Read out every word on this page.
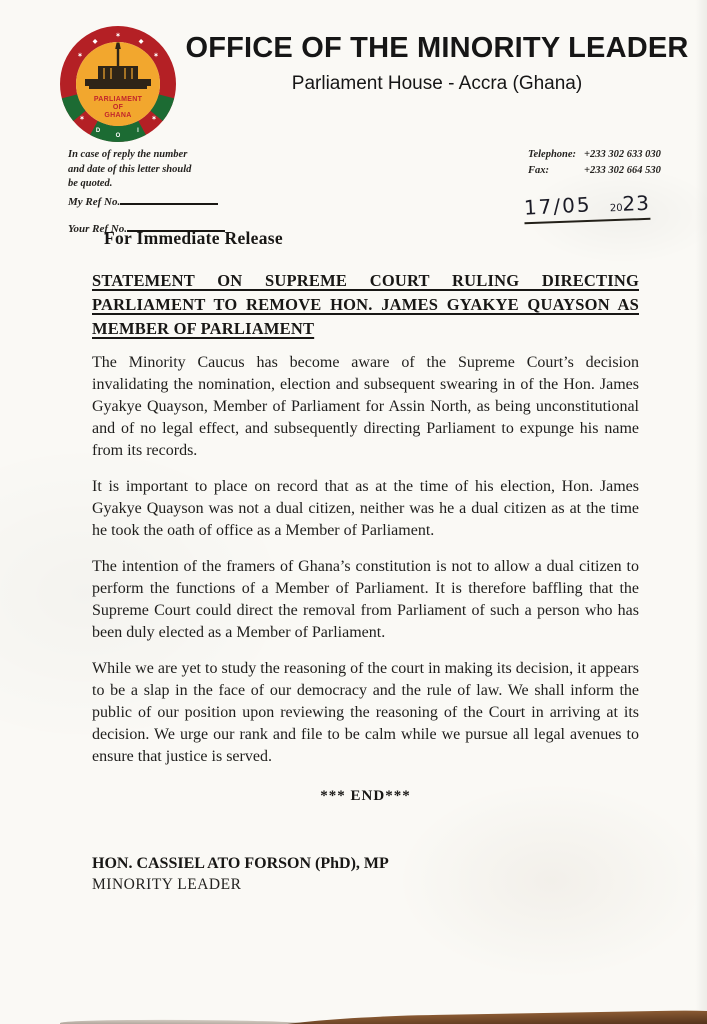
✶
◆	◆
✶	✶
O
D	I
✶	✶
PARLIAMENT
OF
GHANA
OFFICE OF THE MINORITY LEADER
Parliament House - Accra (Ghana)
In case of reply the number
and date of this letter should
be quoted.
Telephone: +233 302 633 030
Fax:	+233 302 664 530
My Ref No.
Your Ref No.
17/05 2023
For Immediate Release
STATEMENT ON SUPREME COURT RULING DIRECTING
PARLIAMENT TO REMOVE HON. JAMES GYAKYE QUAYSON AS
MEMBER OF PARLIAMENT

The Minority Caucus has become aware of the Supreme Court’s decision invalidating the nomination, election and subsequent swearing in of the Hon. James Gyakye Quayson, Member of Parliament for Assin North, as being unconstitutional and of no legal effect, and subsequently directing Parliament to expunge his name from its records.

It is important to place on record that as at the time of his election, Hon. James Gyakye Quayson was not a dual citizen, neither was he a dual citizen as at the time he took the oath of office as a Member of Parliament.

The intention of the framers of Ghana’s constitution is not to allow a dual citizen to perform the functions of a Member of Parliament. It is therefore baffling that the Supreme Court could direct the removal from Parliament of such a person who has been duly elected as a Member of Parliament.

While we are yet to study the reasoning of the court in making its decision, it appears to be a slap in the face of our democracy and the rule of law. We shall inform the public of our position upon reviewing the reasoning of the Court in arriving at its decision. We urge our rank and file to be calm while we pursue all legal avenues to ensure that justice is served.

*** END***
HON. CASSIEL ATO FORSON (PhD), MP
MINORITY LEADER
